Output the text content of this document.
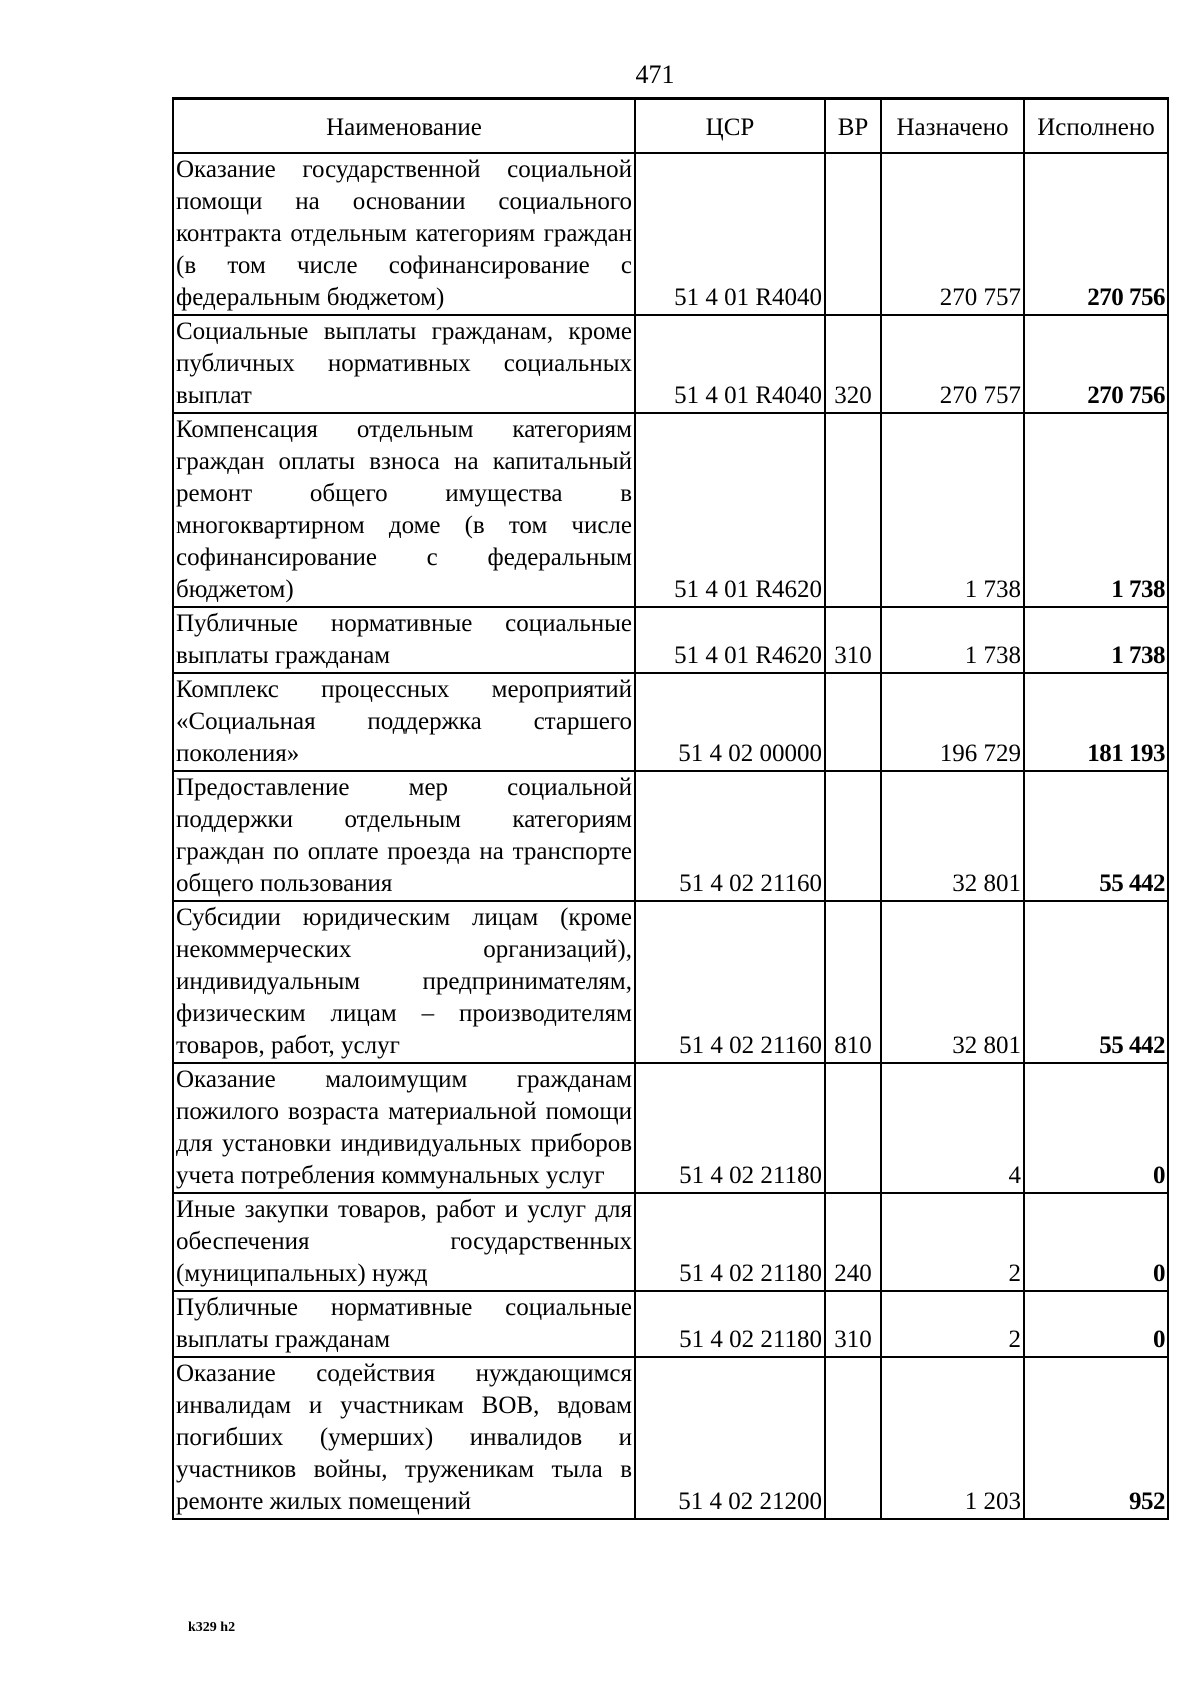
471
Наименование	ЦСР	ВР	Назначено	Исполнено
Оказание государственной социальной помощи на основании социального контракта отдельным категориям граждан (в том числе софинансирование с федеральным бюджетом)	51 4 01 R4040		270 757	270 756
Социальные выплаты гражданам, кроме публичных нормативных социальных выплат	51 4 01 R4040	320	270 757	270 756
Компенсация отдельным категориям граждан оплаты взноса на капитальный ремонт общего имущества в многоквартирном доме (в том числе софинансирование с федеральным бюджетом)	51 4 01 R4620		1 738	1 738
Публичные нормативные социальные выплаты гражданам	51 4 01 R4620	310	1 738	1 738
Комплекс процессных мероприятий «Социальная поддержка старшего поколения»	51 4 02 00000		196 729	181 193
Предоставление мер социальной поддержки отдельным категориям граждан по оплате проезда на транспорте общего пользования	51 4 02 21160		32 801	55 442
Субсидии юридическим лицам (кроме некоммерческих организаций), индивидуальным предпринимателям, физическим лицам – производителям товаров, работ, услуг	51 4 02 21160	810	32 801	55 442
Оказание малоимущим гражданам пожилого возраста материальной помощи для установки индивидуальных приборов учета потребления коммунальных услуг	51 4 02 21180		4	0
Иные закупки товаров, работ и услуг для обеспечения государственных (муниципальных) нужд	51 4 02 21180	240	2	0
Публичные нормативные социальные выплаты гражданам	51 4 02 21180	310	2	0
Оказание содействия нуждающимся инвалидам и участникам ВОВ, вдовам погибших (умерших) инвалидов и участников войны, труженикам тыла в ремонте жилых помещений	51 4 02 21200		1 203	952
k329 h2
